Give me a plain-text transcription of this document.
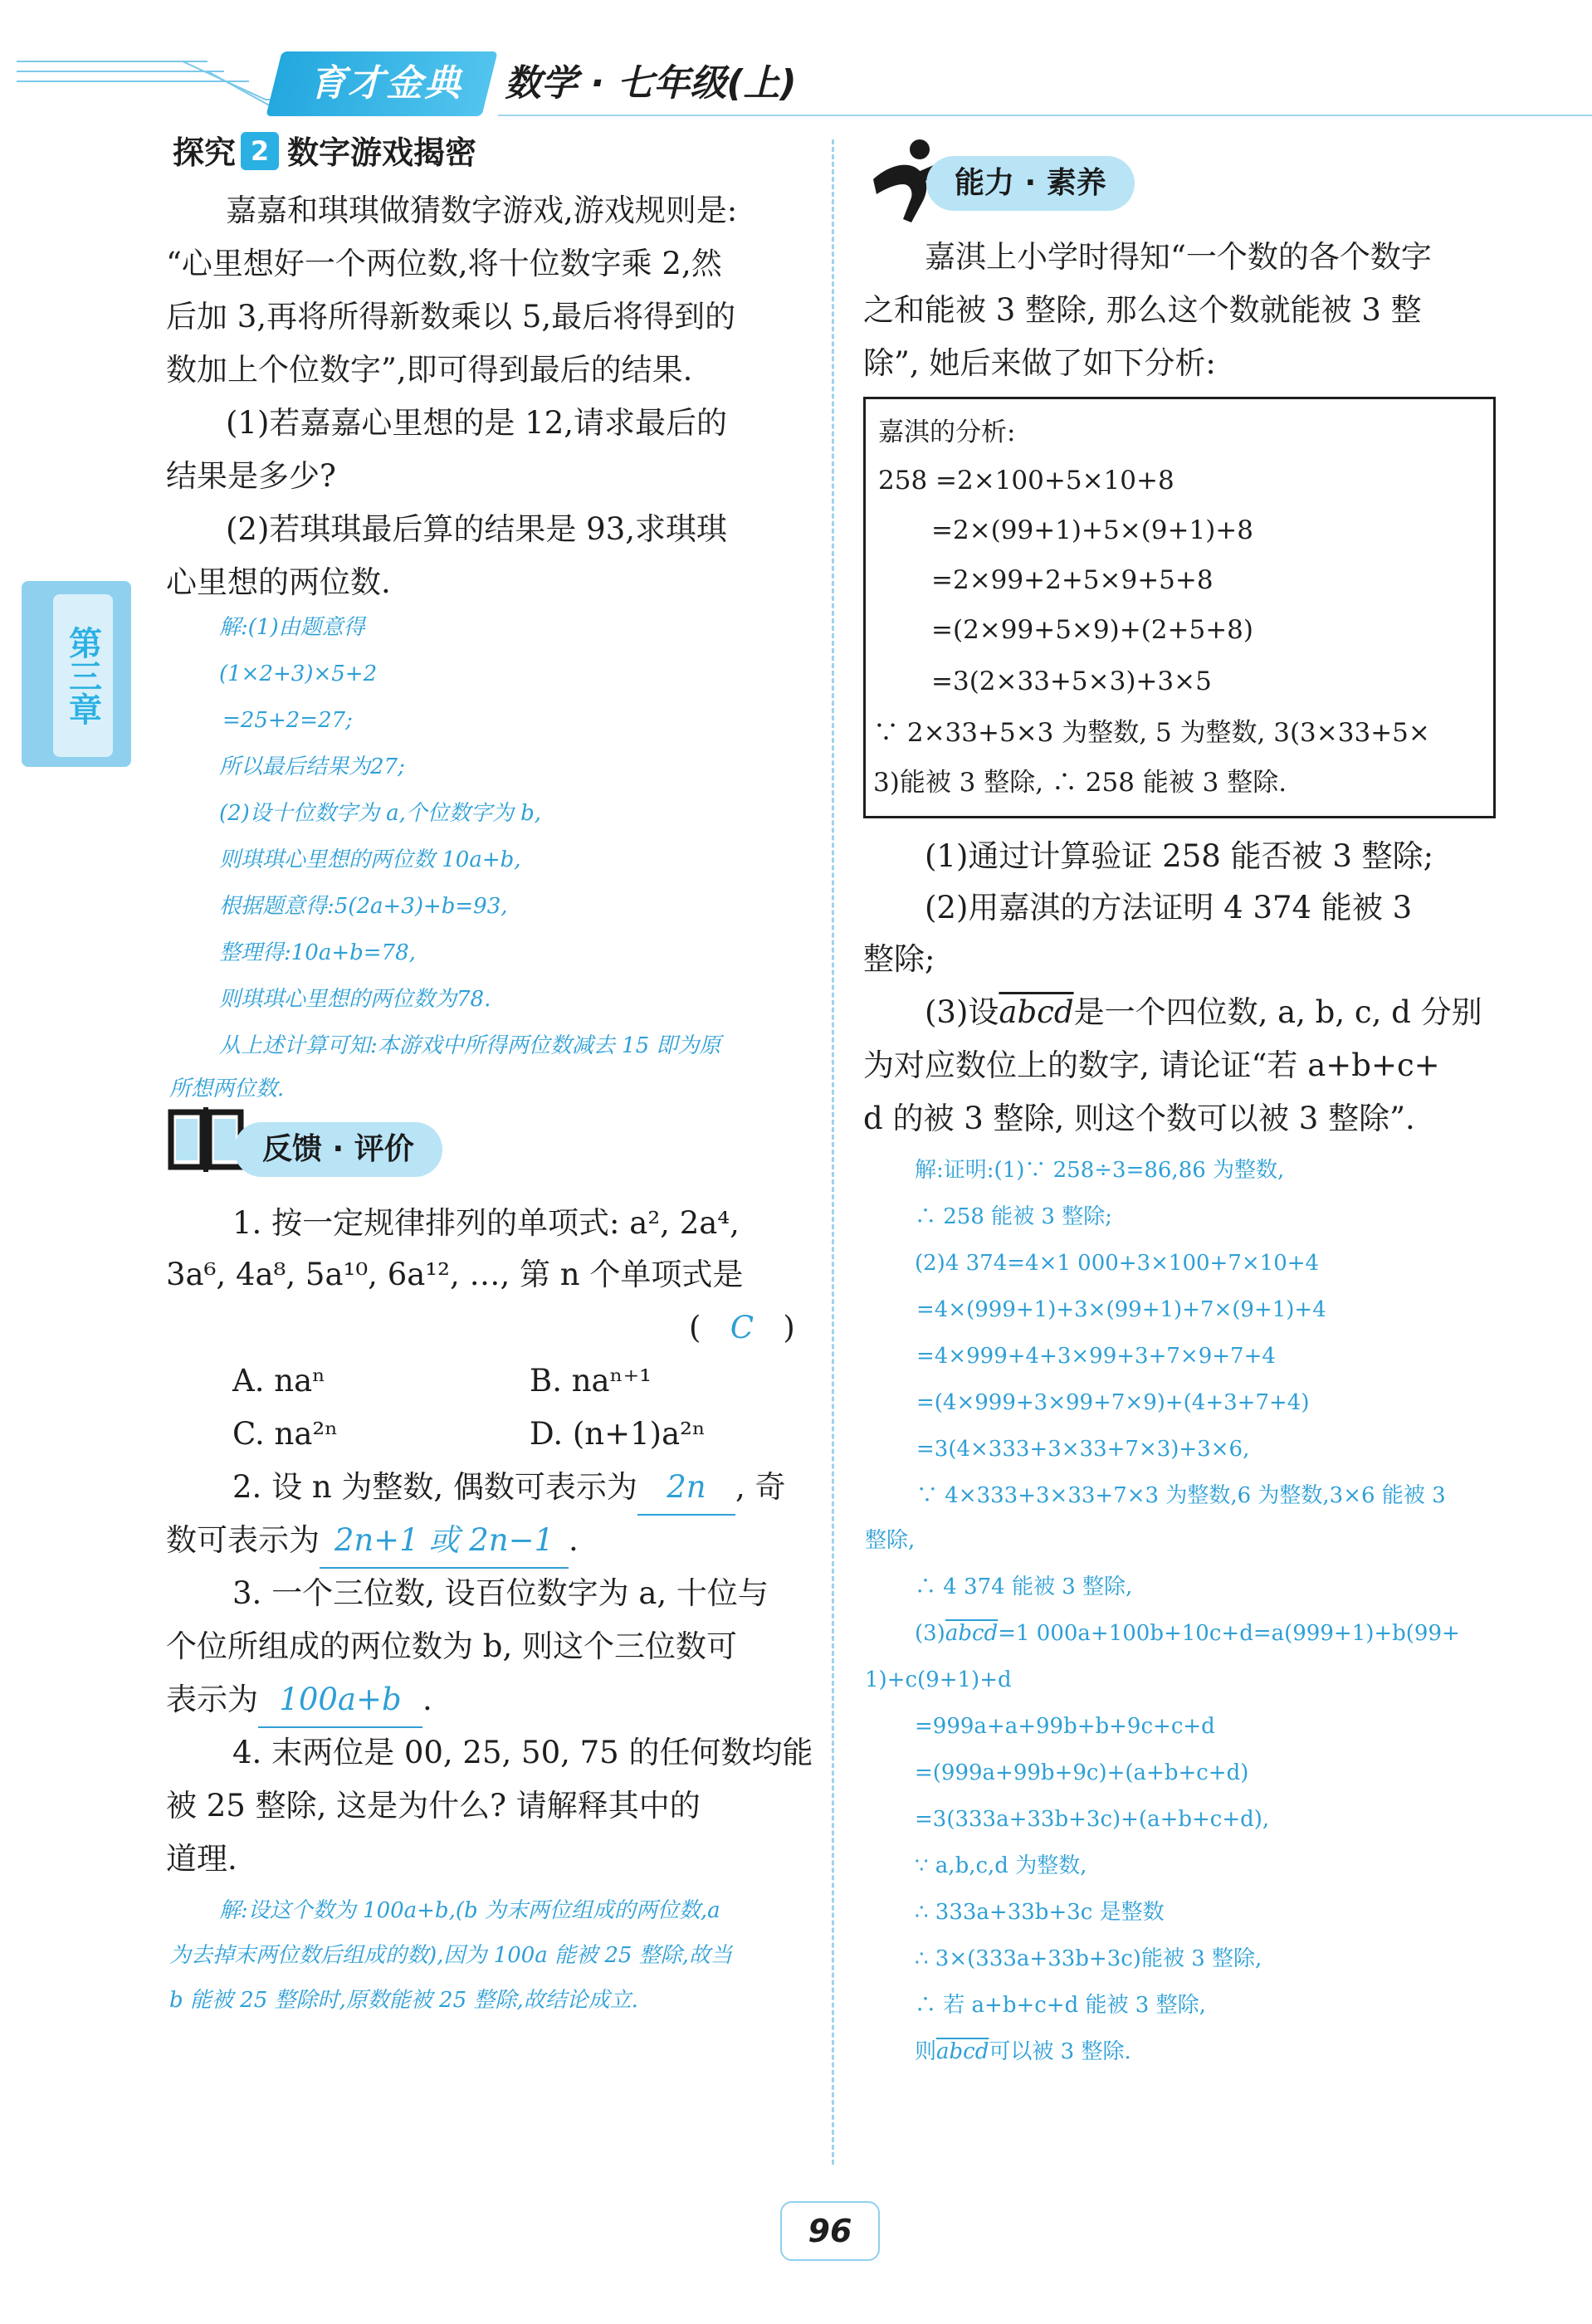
育才金典	数学 · 七年级(上)
第三章
探究 2 数字游戏揭密
嘉嘉和琪琪做猜数字游戏,游戏规则是:
“心里想好一个两位数,将十位数字乘 2,然
后加 3,再将所得新数乘以 5,最后将得到的
数加上个位数字”,即可得到最后的结果.
(1)若嘉嘉心里想的是 12,请求最后的
结果是多少?
(2)若琪琪最后算的结果是 93,求琪琪
心里想的两位数.
解:(1)由题意得
(1×2+3)×5+2
=25+2=27;
所以最后结果为27;
(2)设十位数字为 a,个位数字为 b,
则琪琪心里想的两位数 10a+b,
根据题意得:5(2a+3)+b=93,
整理得:10a+b=78,
则琪琪心里想的两位数为78.
从上述计算可知:本游戏中所得两位数减去 15 即为原
所想两位数.
反馈 · 评价
1. 按一定规律排列的单项式: a², 2a⁴,
3a⁶, 4a⁸, 5a¹⁰, 6a¹², …, 第 n 个单项式是
(   C   )
A. naⁿ	B. naⁿ⁺¹
C. na²ⁿ	D. (n+1)a²ⁿ
2. 设 n 为整数, 偶数可表示为 2n , 奇
数可表示为 2n+1 或 2n−1 .
3. 一个三位数, 设百位数字为 a, 十位与
个位所组成的两位数为 b, 则这个三位数可
表示为 100a+b .
4. 末两位是 00, 25, 50, 75 的任何数均能
被 25 整除, 这是为什么? 请解释其中的
道理.
解:设这个数为 100a+b,(b 为末两位组成的两位数,a
为去掉末两位数后组成的数),因为 100a 能被 25 整除,故当
b 能被 25 整除时,原数能被 25 整除,故结论成立.
能力 · 素养
嘉淇上小学时得知“一个数的各个数字
之和能被 3 整除, 那么这个数就能被 3 整
除”, 她后来做了如下分析:
嘉淇的分析:
258 =2×100+5×10+8
=2×(99+1)+5×(9+1)+8
=2×99+2+5×9+5+8
=(2×99+5×9)+(2+5+8)
=3(2×33+5×3)+3×5
∵ 2×33+5×3 为整数, 5 为整数, 3(3×33+5×
3)能被 3 整除, ∴ 258 能被 3 整除.
(1)通过计算验证 258 能否被 3 整除;
(2)用嘉淇的方法证明 4 374 能被 3
整除;
(3)设abcd是一个四位数, a, b, c, d 分别
为对应数位上的数字, 请论证“若 a+b+c+
d 的被 3 整除, 则这个数可以被 3 整除”.
解:证明:(1)∵ 258÷3=86,86 为整数,
∴ 258 能被 3 整除;
(2)4 374=4×1 000+3×100+7×10+4
=4×(999+1)+3×(99+1)+7×(9+1)+4
=4×999+4+3×99+3+7×9+7+4
=(4×999+3×99+7×9)+(4+3+7+4)
=3(4×333+3×33+7×3)+3×6,
∵ 4×333+3×33+7×3 为整数,6 为整数,3×6 能被 3
整除,
∴ 4 374 能被 3 整除,
(3)abcd=1 000a+100b+10c+d=a(999+1)+b(99+
1)+c(9+1)+d
=999a+a+99b+b+9c+c+d
=(999a+99b+9c)+(a+b+c+d)
=3(333a+33b+3c)+(a+b+c+d),
∵ a,b,c,d 为整数,
∴ 333a+33b+3c 是整数
∴ 3×(333a+33b+3c)能被 3 整除,
∴ 若 a+b+c+d 能被 3 整除,
则abcd可以被 3 整除.
96
